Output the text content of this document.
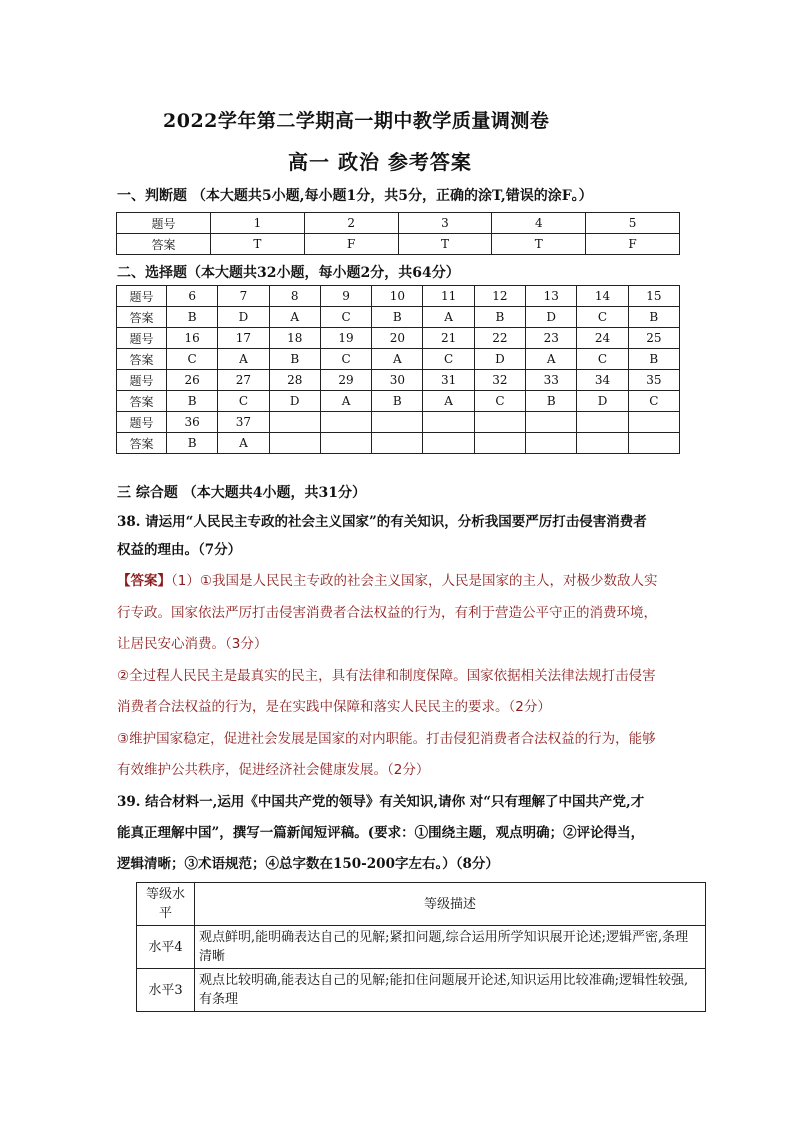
2022学年第二学期高一期中教学质量调测卷
高一 政治 参考答案
一、判断题 （本大题共5小题,每小题1分，共5分，正确的涂T,错误的涂F。）
题号	1	2	3	4	5
答案	T	F	T	T	F
二、选择题（本大题共32小题，每小题2分，共64分）
题号	6	7	8	9	10	11	12	13	14	15
答案	B	D	A	C	B	A	B	D	C	B
题号	16	17	18	19	20	21	22	23	24	25
答案	C	A	B	C	A	C	D	A	C	B
题号	26	27	28	29	30	31	32	33	34	35
答案	B	C	D	A	B	A	C	B	D	C
题号	36	37								
答案	B	A								
三 综合题 （本大题共4小题，共31分）
38. 请运用“人民民主专政的社会主义国家”的有关知识，分析我国要严厉打击侵害消费者
权益的理由。（7分）
【答案】（1）①我国是人民民主专政的社会主义国家，人民是国家的主人，对极少数敌人实
行专政。国家依法严厉打击侵害消费者合法权益的行为，有利于营造公平守正的消费环境，
让居民安心消费。（3分）
②全过程人民民主是最真实的民主，具有法律和制度保障。国家依据相关法律法规打击侵害
消费者合法权益的行为，是在实践中保障和落实人民民主的要求。（2分）
③维护国家稳定，促进社会发展是国家的对内职能。打击侵犯消费者合法权益的行为，能够
有效维护公共秩序，促进经济社会健康发展。（2分）
39. 结合材料一,运用《中国共产党的领导》有关知识,请你 对“只有理解了中国共产党,才
能真正理解中国”，撰写一篇新闻短评稿。(要求：①围绕主题，观点明确；②评论得当，
逻辑清晰；③术语规范；④总字数在150-200字左右。）（8分）
等级水平	等级描述
水平4	观点鲜明,能明确表达自己的见解;紧扣问题,综合运用所学知识展开论述;逻辑严密,条理清晰
水平3	观点比较明确,能表达自己的见解;能扣住问题展开论述,知识运用比较准确;逻辑性较强,有条理
